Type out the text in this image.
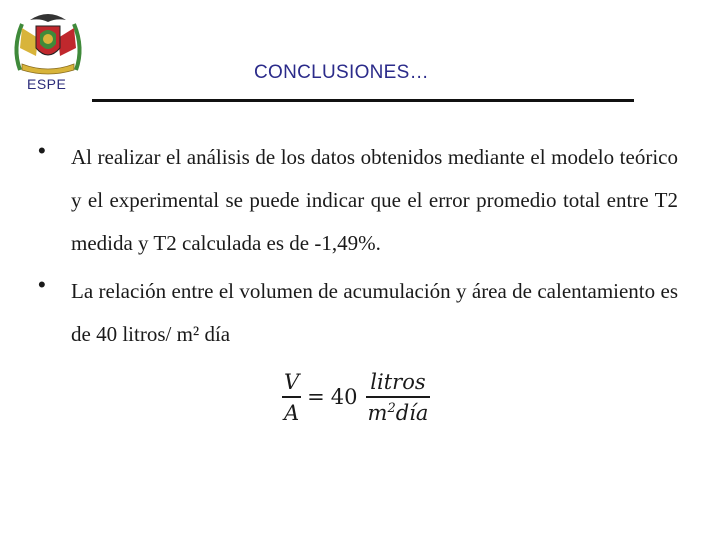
ESPE
CONCLUSIONES…
• Al realizar el análisis de los datos obtenidos mediante el modelo teórico y el experimental se puede indicar que el error promedio total entre T2 medida y T2 calculada es de -1,49%.

• La relación entre el volumen de acumulación y área de calentamiento es de 40 litros/ m² día

$\frac{V}{A} = 40 \frac{\text{litros}}{m^2día}$
